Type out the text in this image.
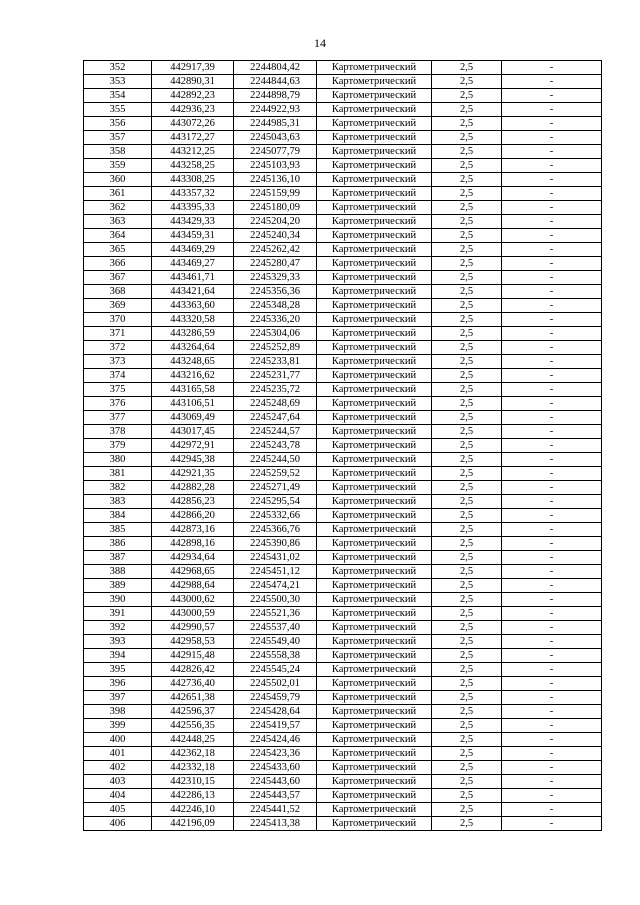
14
352	442917,39	2244804,42	Картометрический	2,5	-
353	442890,31	2244844,63	Картометрический	2,5	-
354	442892,23	2244898,79	Картометрический	2,5	-
355	442936,23	2244922,93	Картометрический	2,5	-
356	443072,26	2244985,31	Картометрический	2,5	-
357	443172,27	2245043,63	Картометрический	2,5	-
358	443212,25	2245077,79	Картометрический	2,5	-
359	443258,25	2245103,93	Картометрический	2,5	-
360	443308,25	2245136,10	Картометрический	2,5	-
361	443357,32	2245159,99	Картометрический	2,5	-
362	443395,33	2245180,09	Картометрический	2,5	-
363	443429,33	2245204,20	Картометрический	2,5	-
364	443459,31	2245240,34	Картометрический	2,5	-
365	443469,29	2245262,42	Картометрический	2,5	-
366	443469,27	2245280,47	Картометрический	2,5	-
367	443461,71	2245329,33	Картометрический	2,5	-
368	443421,64	2245356,36	Картометрический	2,5	-
369	443363,60	2245348,28	Картометрический	2,5	-
370	443320,58	2245336,20	Картометрический	2,5	-
371	443286,59	2245304,06	Картометрический	2,5	-
372	443264,64	2245252,89	Картометрический	2,5	-
373	443248,65	2245233,81	Картометрический	2,5	-
374	443216,62	2245231,77	Картометрический	2,5	-
375	443165,58	2245235,72	Картометрический	2,5	-
376	443106,51	2245248,69	Картометрический	2,5	-
377	443069,49	2245247,64	Картометрический	2,5	-
378	443017,45	2245244,57	Картометрический	2,5	-
379	442972,91	2245243,78	Картометрический	2,5	-
380	442945,38	2245244,50	Картометрический	2,5	-
381	442921,35	2245259,52	Картометрический	2,5	-
382	442882,28	2245271,49	Картометрический	2,5	-
383	442856,23	2245295,54	Картометрический	2,5	-
384	442866,20	2245332,66	Картометрический	2,5	-
385	442873,16	2245366,76	Картометрический	2,5	-
386	442898,16	2245390,86	Картометрический	2,5	-
387	442934,64	2245431,02	Картометрический	2,5	-
388	442968,65	2245451,12	Картометрический	2,5	-
389	442988,64	2245474,21	Картометрический	2,5	-
390	443000,62	2245500,30	Картометрический	2,5	-
391	443000,59	2245521,36	Картометрический	2,5	-
392	442990,57	2245537,40	Картометрический	2,5	-
393	442958,53	2245549,40	Картометрический	2,5	-
394	442915,48	2245558,38	Картометрический	2,5	-
395	442826,42	2245545,24	Картометрический	2,5	-
396	442736,40	2245502,01	Картометрический	2,5	-
397	442651,38	2245459,79	Картометрический	2,5	-
398	442596,37	2245428,64	Картометрический	2,5	-
399	442556,35	2245419,57	Картометрический	2,5	-
400	442448,25	2245424,46	Картометрический	2,5	-
401	442362,18	2245423,36	Картометрический	2,5	-
402	442332,18	2245433,60	Картометрический	2,5	-
403	442310,15	2245443,60	Картометрический	2,5	-
404	442286,13	2245443,57	Картометрический	2,5	-
405	442246,10	2245441,52	Картометрический	2,5	-
406	442196,09	2245413,38	Картометрический	2,5	-
